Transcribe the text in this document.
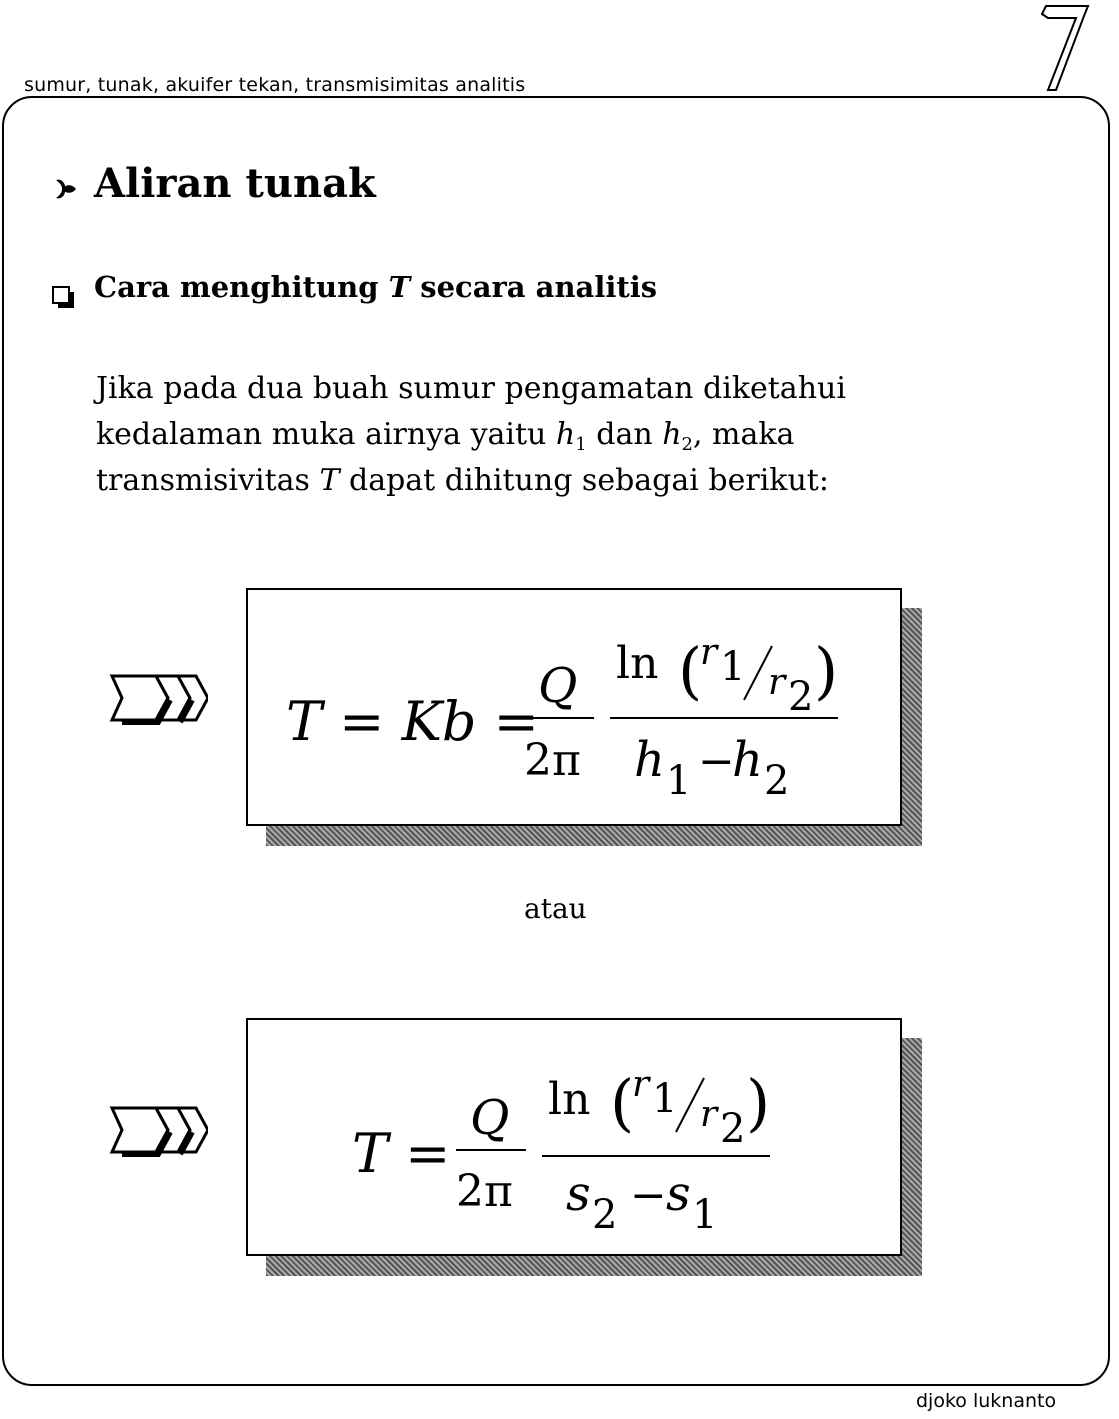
sumur, tunak, akuifer tekan, transmisimitas analitis
7
Aliran tunak
Cara menghitung T secara analitis
Jika pada dua buah sumur pengamatan diketahui
kedalaman muka airnya yaitu $h_1$ dan $h_2$, maka
transmisivitas T dapat dihitung sebagai berikut:
T = Kb =
Q
2π
ln (
r 1 r 2 )
h 1 −
h 2
atau
T =
Q
2π
ln (
r 1 r 2 )
s 2 − s 1
djoko luknanto
